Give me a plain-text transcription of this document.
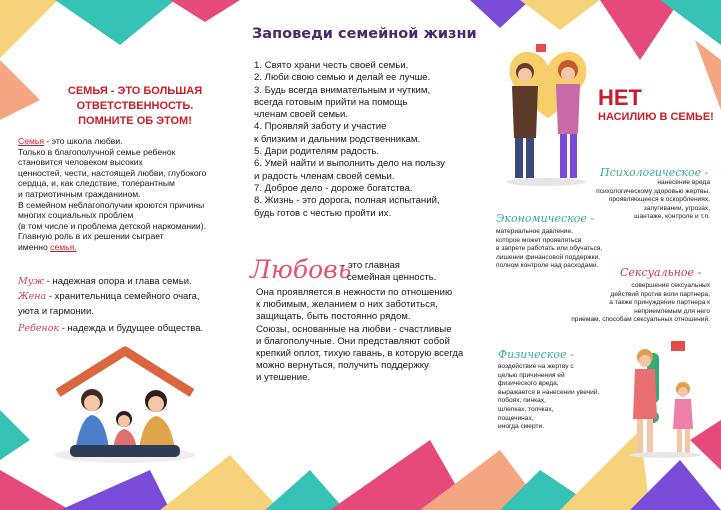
СЕМЬЯ - ЭТО БОЛЬШАЯ ОТВЕТСТВЕННОСТЬ.
ПОМНИТЕ ОБ ЭТОМ!
Семья - это школа любви.
Только в благополучной семье ребенок
становится человеком высоких
ценностей, чести, настоящей любви, глубокого
сердца, и, как следствие, толерантным
и патриотичным гражданином.
В семейном неблагополучии кроются причины
многих социальных проблем
(в том числе и проблема детской наркомании).
Главную роль в их решении сыграет
именно семья.
Муж - надежная опора и глава семьи.
Жена - хранительница семейного очага,
уюта и гармонии.
Ребенок - надежда и будущее общества.
Заповеди семейной жизни
1. Свято храни честь своей семьи.
2. Люби свою семью и делай ее лучше.
3. Будь всегда внимательным и чутким,
всегда готовым прийти на помощь
членам своей семьи.
4. Проявляй заботу и участие
к близким и дальним родственникам.
5. Дари родителям радость.
6. Умей найти и выполнить дело на пользу
и радость членам своей семьи.
7. Доброе дело - дороже богатства.
8. Жизнь - это дорога, полная испытаний,
будь готов с честью пройти их.
Любовь
- это главная
семейная ценность.
Она проявляется в нежности по отношению
к любимым, желанием о них заботиться,
защищать, быть постоянно рядом.
Союзы, основанные на любви - счастливые
и благополучные. Они представляют собой
крепкий оплот, тихую гавань, в которую всегда
можно вернуться, получить поддержку
и утешение.
НЕТ
НАСИЛИЮ В СЕМЬЕ!
Психологическое -
нанесение вреда
психологическому здоровью жертвы,
проявляющееся в оскорблениях,
запугивании, угрозах,
шантаже, контроле и т.п.
Экономическое -
материальное давление,
которое может проявляться
в запрете работать или обучаться,
лишении финансовой поддержки,
полном контроле над расходами.
Сексуальное -
совершение сексуальных
действий против воли партнера,
а также принуждение партнера к
неприемлемым для него
приемам, способам сексуальных отношений.
Физическое -
воздействие на жертву с
целью причинения ей
физического вреда,
выражается в нанесении увечий,
побоях, пинках,
шлепках, толчках,
пощечинах,
иногда смерти.
